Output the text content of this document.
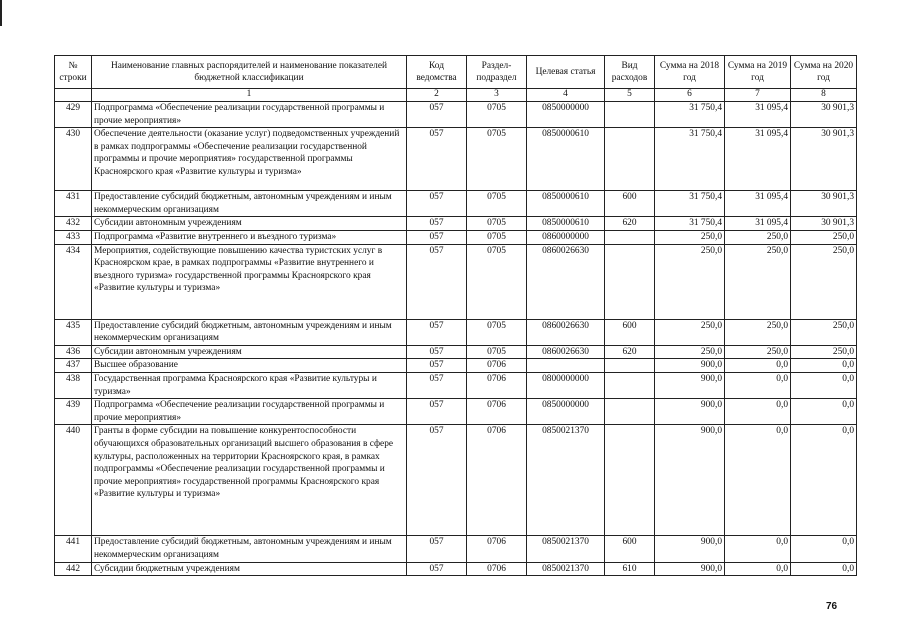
№ строки	Наименование главных распорядителей и наименование показателей бюджетной классификации	Код ведомства	Раздел-подраздел	Целевая статья	Вид расходов	Сумма на 2018 год	Сумма на 2019 год	Сумма на 2020 год
	1	2	3	4	5	6	7	8
429	Подпрограмма «Обеспечение реализации государственной программы и прочие мероприятия»	057	0705	0850000000		31 750,4	31 095,4	30 901,3
430	Обеспечение деятельности (оказание услуг) подведомственных учреждений в рамках подпрограммы «Обеспечение реализации государственной программы и прочие мероприятия» государственной программы Красноярского края «Развитие культуры и туризма»	057	0705	0850000610		31 750,4	31 095,4	30 901,3
431	Предоставление субсидий бюджетным, автономным учреждениям и иным некоммерческим организациям	057	0705	0850000610	600	31 750,4	31 095,4	30 901,3
432	Субсидии автономным учреждениям	057	0705	0850000610	620	31 750,4	31 095,4	30 901,3
433	Подпрограмма «Развитие внутреннего и въездного туризма»	057	0705	0860000000		250,0	250,0	250,0
434	Мероприятия, содействующие повышению качества туристских услуг в Красноярском крае, в рамках подпрограммы «Развитие внутреннего и въездного туризма» государственной программы Красноярского края «Развитие культуры и туризма»	057	0705	0860026630		250,0	250,0	250,0
435	Предоставление субсидий бюджетным, автономным учреждениям и иным некоммерческим организациям	057	0705	0860026630	600	250,0	250,0	250,0
436	Субсидии автономным учреждениям	057	0705	0860026630	620	250,0	250,0	250,0
437	Высшее образование	057	0706			900,0	0,0	0,0
438	Государственная программа Красноярского края «Развитие культуры и туризма»	057	0706	0800000000		900,0	0,0	0,0
439	Подпрограмма «Обеспечение реализации государственной программы и прочие мероприятия»	057	0706	0850000000		900,0	0,0	0,0
440	Гранты в форме субсидии на повышение конкурентоспособности обучающихся образовательных организаций высшего образования в сфере культуры, расположенных на территории Красноярского края, в рамках подпрограммы «Обеспечение реализации государственной программы и прочие мероприятия» государственной программы Красноярского края «Развитие культуры и туризма»	057	0706	0850021370		900,0	0,0	0,0
441	Предоставление субсидий бюджетным, автономным учреждениям и иным некоммерческим организациям	057	0706	0850021370	600	900,0	0,0	0,0
442	Субсидии бюджетным учреждениям	057	0706	0850021370	610	900,0	0,0	0,0
76
